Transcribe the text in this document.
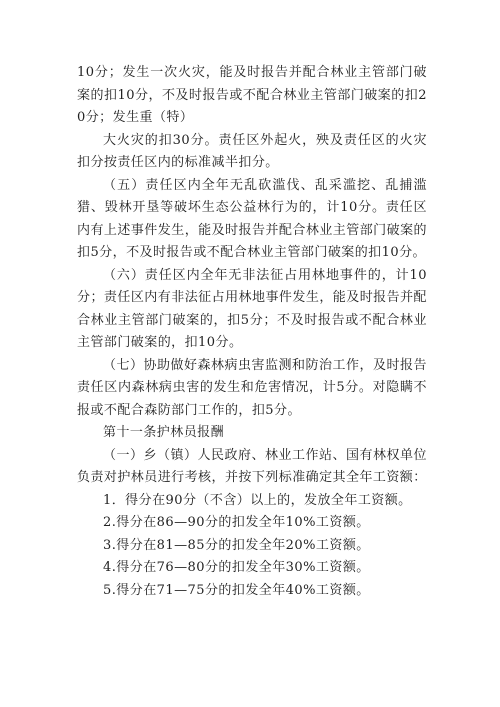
10分；发生一次火灾，能及时报告并配合林业主管部门破案的扣10分，不及时报告或不配合林业主管部门破案的扣20分；发生重（特）

大火灾的扣30分。责任区外起火，殃及责任区的火灾扣分按责任区内的标准减半扣分。

（五）责任区内全年无乱砍滥伐、乱采滥挖、乱捕滥猎、毁林开垦等破坏生态公益林行为的，计10分。责任区内有上述事件发生，能及时报告并配合林业主管部门破案的扣5分，不及时报告或不配合林业主管部门破案的扣10分。

（六）责任区内全年无非法征占用林地事件的，计10分；责任区内有非法征占用林地事件发生，能及时报告并配合林业主管部门破案的，扣5分；不及时报告或不配合林业主管部门破案的，扣10分。

（七）协助做好森林病虫害监测和防治工作，及时报告责任区内森林病虫害的发生和危害情况，计5分。对隐瞒不报或不配合森防部门工作的，扣5分。

第十一条护林员报酬

（一）乡（镇）人民政府、林业工作站、国有林权单位负责对护林员进行考核，并按下列标准确定其全年工资额：

1．得分在90分（不含）以上的，发放全年工资额。

2.得分在86—90分的扣发全年10%工资额。

3.得分在81—85分的扣发全年20%工资额。

4.得分在76—80分的扣发全年30%工资额。

5.得分在71—75分的扣发全年40%工资额。
